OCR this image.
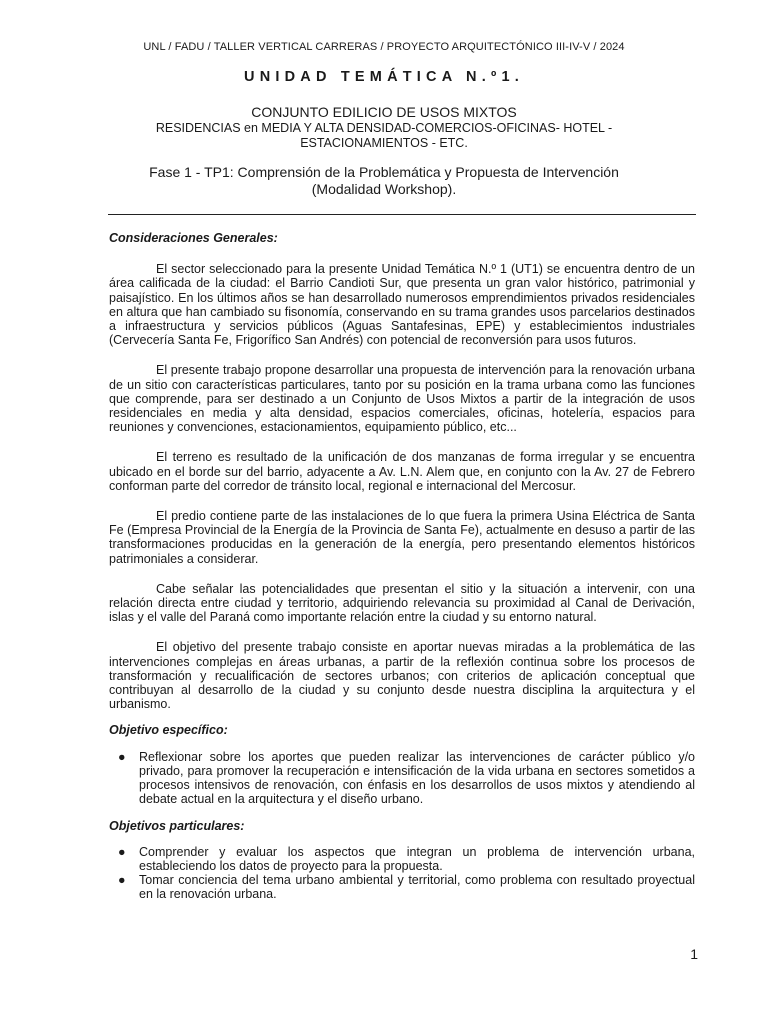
UNL / FADU / TALLER VERTICAL CARRERAS / PROYECTO ARQUITECTÓNICO III-IV-V / 2024
UNIDAD TEMÁTICA N.º1.
CONJUNTO EDILICIO DE USOS MIXTOS
RESIDENCIAS en MEDIA Y ALTA DENSIDAD-COMERCIOS-OFICINAS- HOTEL - ESTACIONAMIENTOS - ETC.
Fase 1 - TP1: Comprensión de la Problemática y Propuesta de Intervención
(Modalidad Workshop).

Consideraciones Generales:

El sector seleccionado para la presente Unidad Temática N.º 1 (UT1) se encuentra dentro de un área calificada de la ciudad: el Barrio Candioti Sur, que presenta un gran valor histórico, patrimonial y paisajístico. En los últimos años se han desarrollado numerosos emprendimientos privados residenciales en altura que han cambiado su fisonomía, conservando en su trama grandes usos parcelarios destinados a infraestructura y servicios públicos (Aguas Santafesinas, EPE) y establecimientos industriales (Cervecería Santa Fe, Frigorífico San Andrés) con potencial de reconversión para usos futuros.

El presente trabajo propone desarrollar una propuesta de intervención para la renovación urbana de un sitio con características particulares, tanto por su posición en la trama urbana como las funciones que comprende, para ser destinado a un Conjunto de Usos Mixtos a partir de la integración de usos residenciales en media y alta densidad, espacios comerciales, oficinas, hotelería, espacios para reuniones y convenciones, estacionamientos, equipamiento público, etc...

El terreno es resultado de la unificación de dos manzanas de forma irregular y se encuentra ubicado en el borde sur del barrio, adyacente a Av. L.N. Alem que, en conjunto con la Av. 27 de Febrero conforman parte del corredor de tránsito local, regional e internacional del Mercosur.

El predio contiene parte de las instalaciones de lo que fuera la primera Usina Eléctrica de Santa Fe (Empresa Provincial de la Energía de la Provincia de Santa Fe), actualmente en desuso a partir de las transformaciones producidas en la generación de la energía, pero presentando elementos históricos patrimoniales a considerar.

Cabe señalar las potencialidades que presentan el sitio y la situación a intervenir, con una relación directa entre ciudad y territorio, adquiriendo relevancia su proximidad al Canal de Derivación, islas y el valle del Paraná como importante relación entre la ciudad y su entorno natural.

El objetivo del presente trabajo consiste en aportar nuevas miradas a la problemática de las intervenciones complejas en áreas urbanas, a partir de la reflexión continua sobre los procesos de transformación y recualificación de sectores urbanos; con criterios de aplicación conceptual que contribuyan al desarrollo de la ciudad y su conjunto desde nuestra disciplina la arquitectura y el urbanismo.

Objetivo específico:

● Reflexionar sobre los aportes que pueden realizar las intervenciones de carácter público y/o privado, para promover la recuperación e intensificación de la vida urbana en sectores sometidos a procesos intensivos de renovación, con énfasis en los desarrollos de usos mixtos y atendiendo al debate actual en la arquitectura y el diseño urbano.

Objetivos particulares:

● Comprender y evaluar los aspectos que integran un problema de intervención urbana, estableciendo los datos de proyecto para la propuesta.
● Tomar conciencia del tema urbano ambiental y territorial, como problema con resultado proyectual en la renovación urbana.
1
